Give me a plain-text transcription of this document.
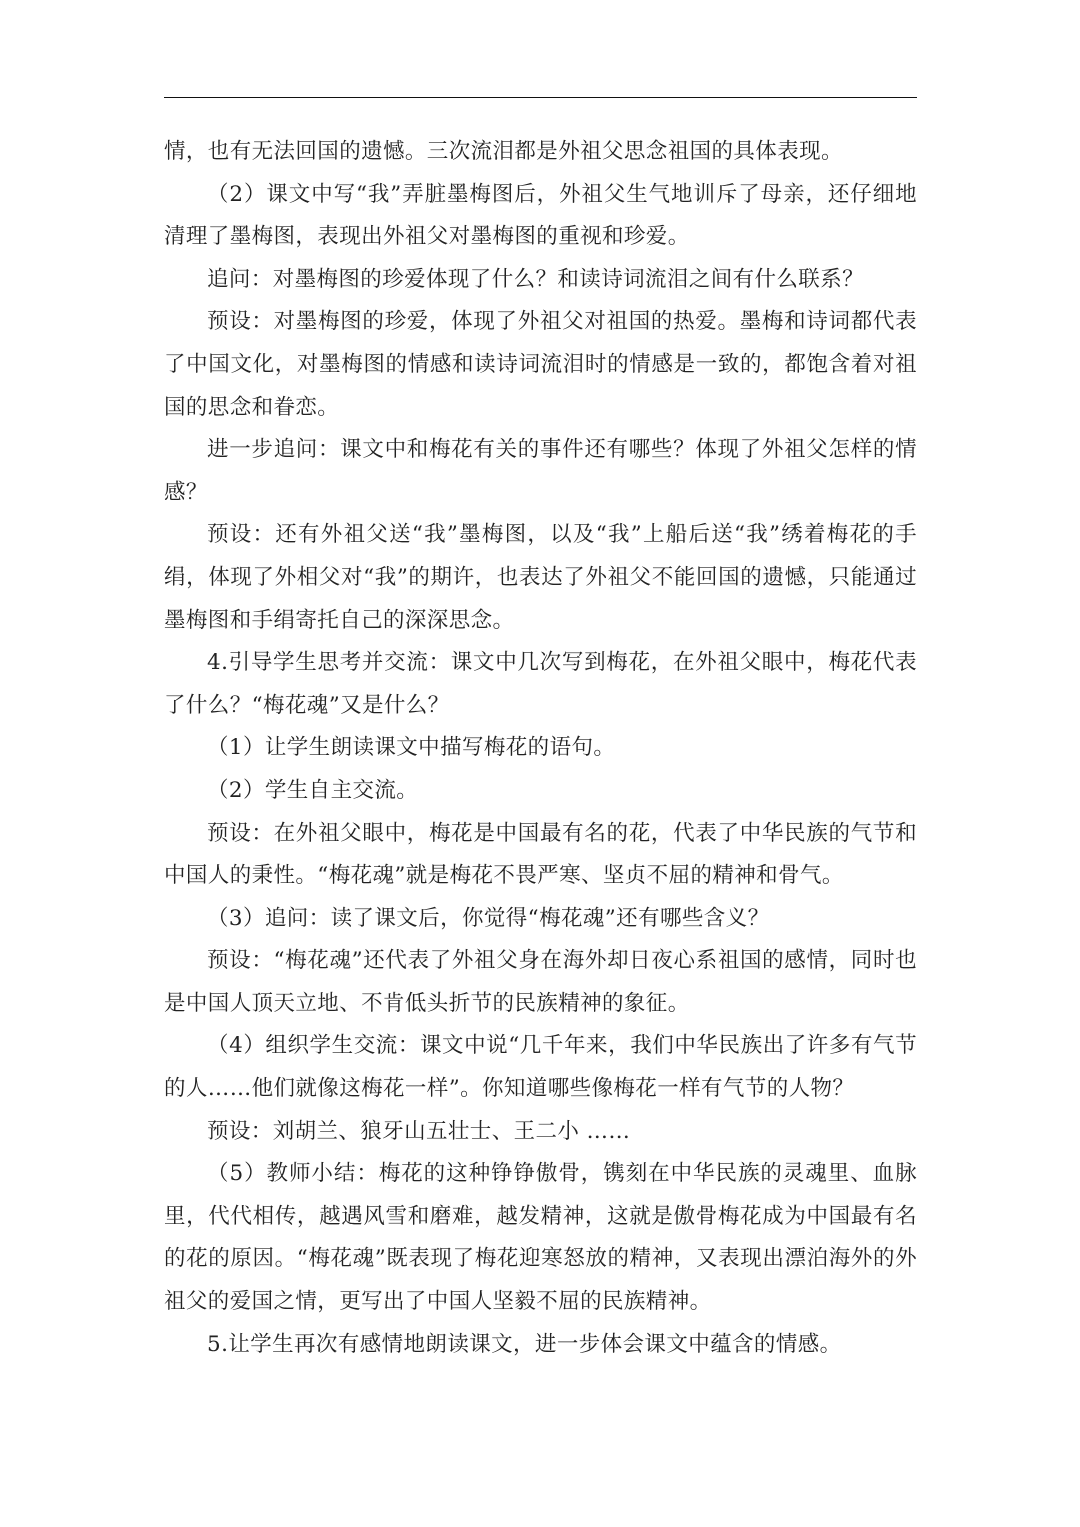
情，也有无法回国的遗憾。三次流泪都是外祖父思念祖国的具体表现。

（2）课文中写“我”弄脏墨梅图后，外祖父生气地训斥了母亲，还仔细地清理了墨梅图，表现出外祖父对墨梅图的重视和珍爱。

追问：对墨梅图的珍爱体现了什么？和读诗词流泪之间有什么联系？

预设：对墨梅图的珍爱，体现了外祖父对祖国的热爱。墨梅和诗词都代表了中国文化，对墨梅图的情感和读诗词流泪时的情感是一致的，都饱含着对祖国的思念和眷恋。

进一步追问：课文中和梅花有关的事件还有哪些？体现了外祖父怎样的情感？

预设：还有外祖父送“我”墨梅图，以及“我”上船后送“我”绣着梅花的手绢，体现了外相父对“我”的期许，也表达了外祖父不能回国的遗憾，只能通过墨梅图和手绢寄托自己的深深思念。

4.引导学生思考并交流：课文中几次写到梅花，在外祖父眼中，梅花代表了什么？“梅花魂”又是什么？

（1）让学生朗读课文中描写梅花的语句。

（2）学生自主交流。

预设：在外祖父眼中，梅花是中国最有名的花，代表了中华民族的气节和中国人的秉性。“梅花魂”就是梅花不畏严寒、坚贞不屈的精神和骨气。

（3）追问：读了课文后，你觉得“梅花魂”还有哪些含义？

预设：“梅花魂”还代表了外祖父身在海外却日夜心系祖国的感情，同时也是中国人顶天立地、不肯低头折节的民族精神的象征。

（4）组织学生交流：课文中说“几千年来，我们中华民族出了许多有气节的人……他们就像这梅花一样”。你知道哪些像梅花一样有气节的人物？

预设：刘胡兰、狼牙山五壮士、王二小 ……

（5）教师小结：梅花的这种铮铮傲骨，镌刻在中华民族的灵魂里、血脉里，代代相传，越遇风雪和磨难，越发精神，这就是傲骨梅花成为中国最有名的花的原因。“梅花魂”既表现了梅花迎寒怒放的精神，又表现出漂泊海外的外祖父的爱国之情，更写出了中国人坚毅不屈的民族精神。

5.让学生再次有感情地朗读课文，进一步体会课文中蕴含的情感。
